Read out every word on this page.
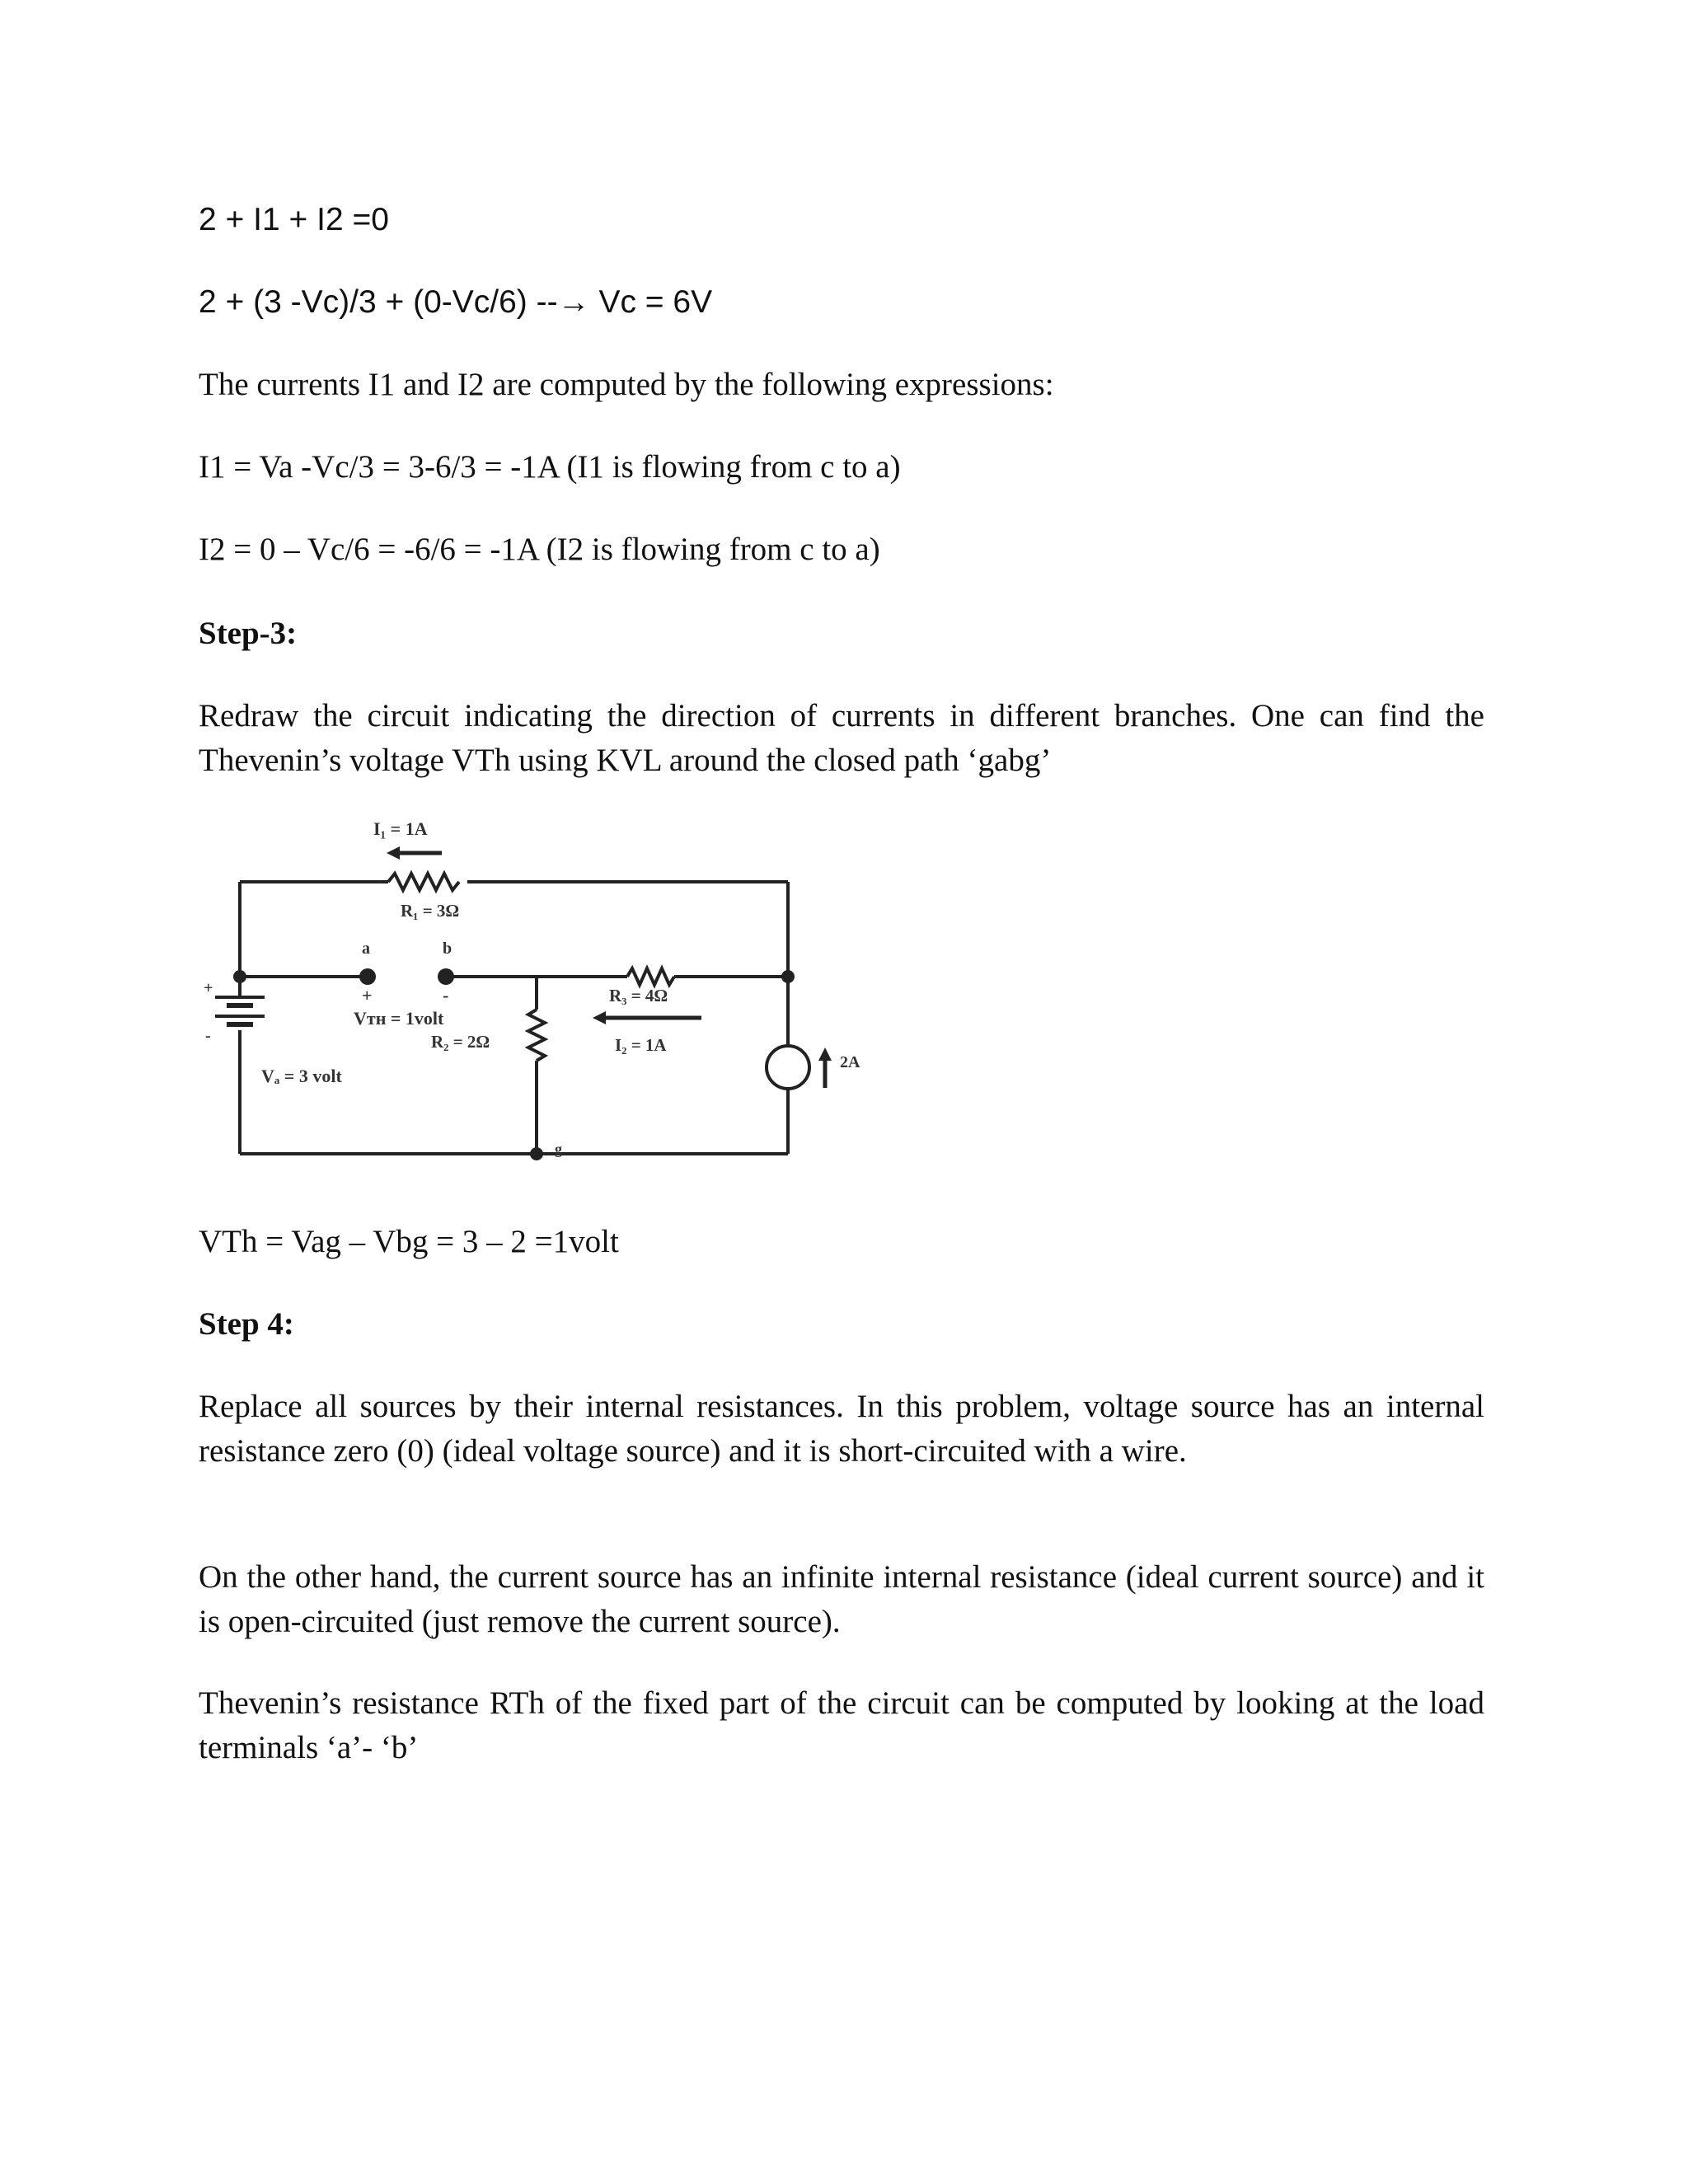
2 + I1 + I2 =0
2 + (3 -Vc)/3 + (0-Vc/6) --→ Vc = 6V
The currents I1 and I2 are computed by the following expressions:
I1 = Va -Vc/3 = 3-6/3 = -1A (I1 is flowing from c to a)
I2 = 0 – Vc/6 = -6/6 = -1A (I2 is flowing from c to a)
Step-3:
Redraw the circuit indicating the direction of currents in different branches. One can find the Thevenin’s voltage VTh using KVL around the closed path ‘gabg’
I₁ = 1A
R₁ = 3Ω
a	b
+	-
Vᴛʜ = 1volt
R₂ = 2Ω
R₃ = 4Ω
I₂ = 1A
Vₐ = 3 volt
2A
g
+
-
VTh = Vag – Vbg = 3 – 2 =1volt
Step 4:
Replace all sources by their internal resistances. In this problem, voltage source has an internal resistance zero (0) (ideal voltage source) and it is short-circuited with a wire.
On the other hand, the current source has an infinite internal resistance (ideal current source) and it is open-circuited (just remove the current source).
Thevenin’s resistance RTh of the fixed part of the circuit can be computed by looking at the load terminals ‘a’- ‘b’
